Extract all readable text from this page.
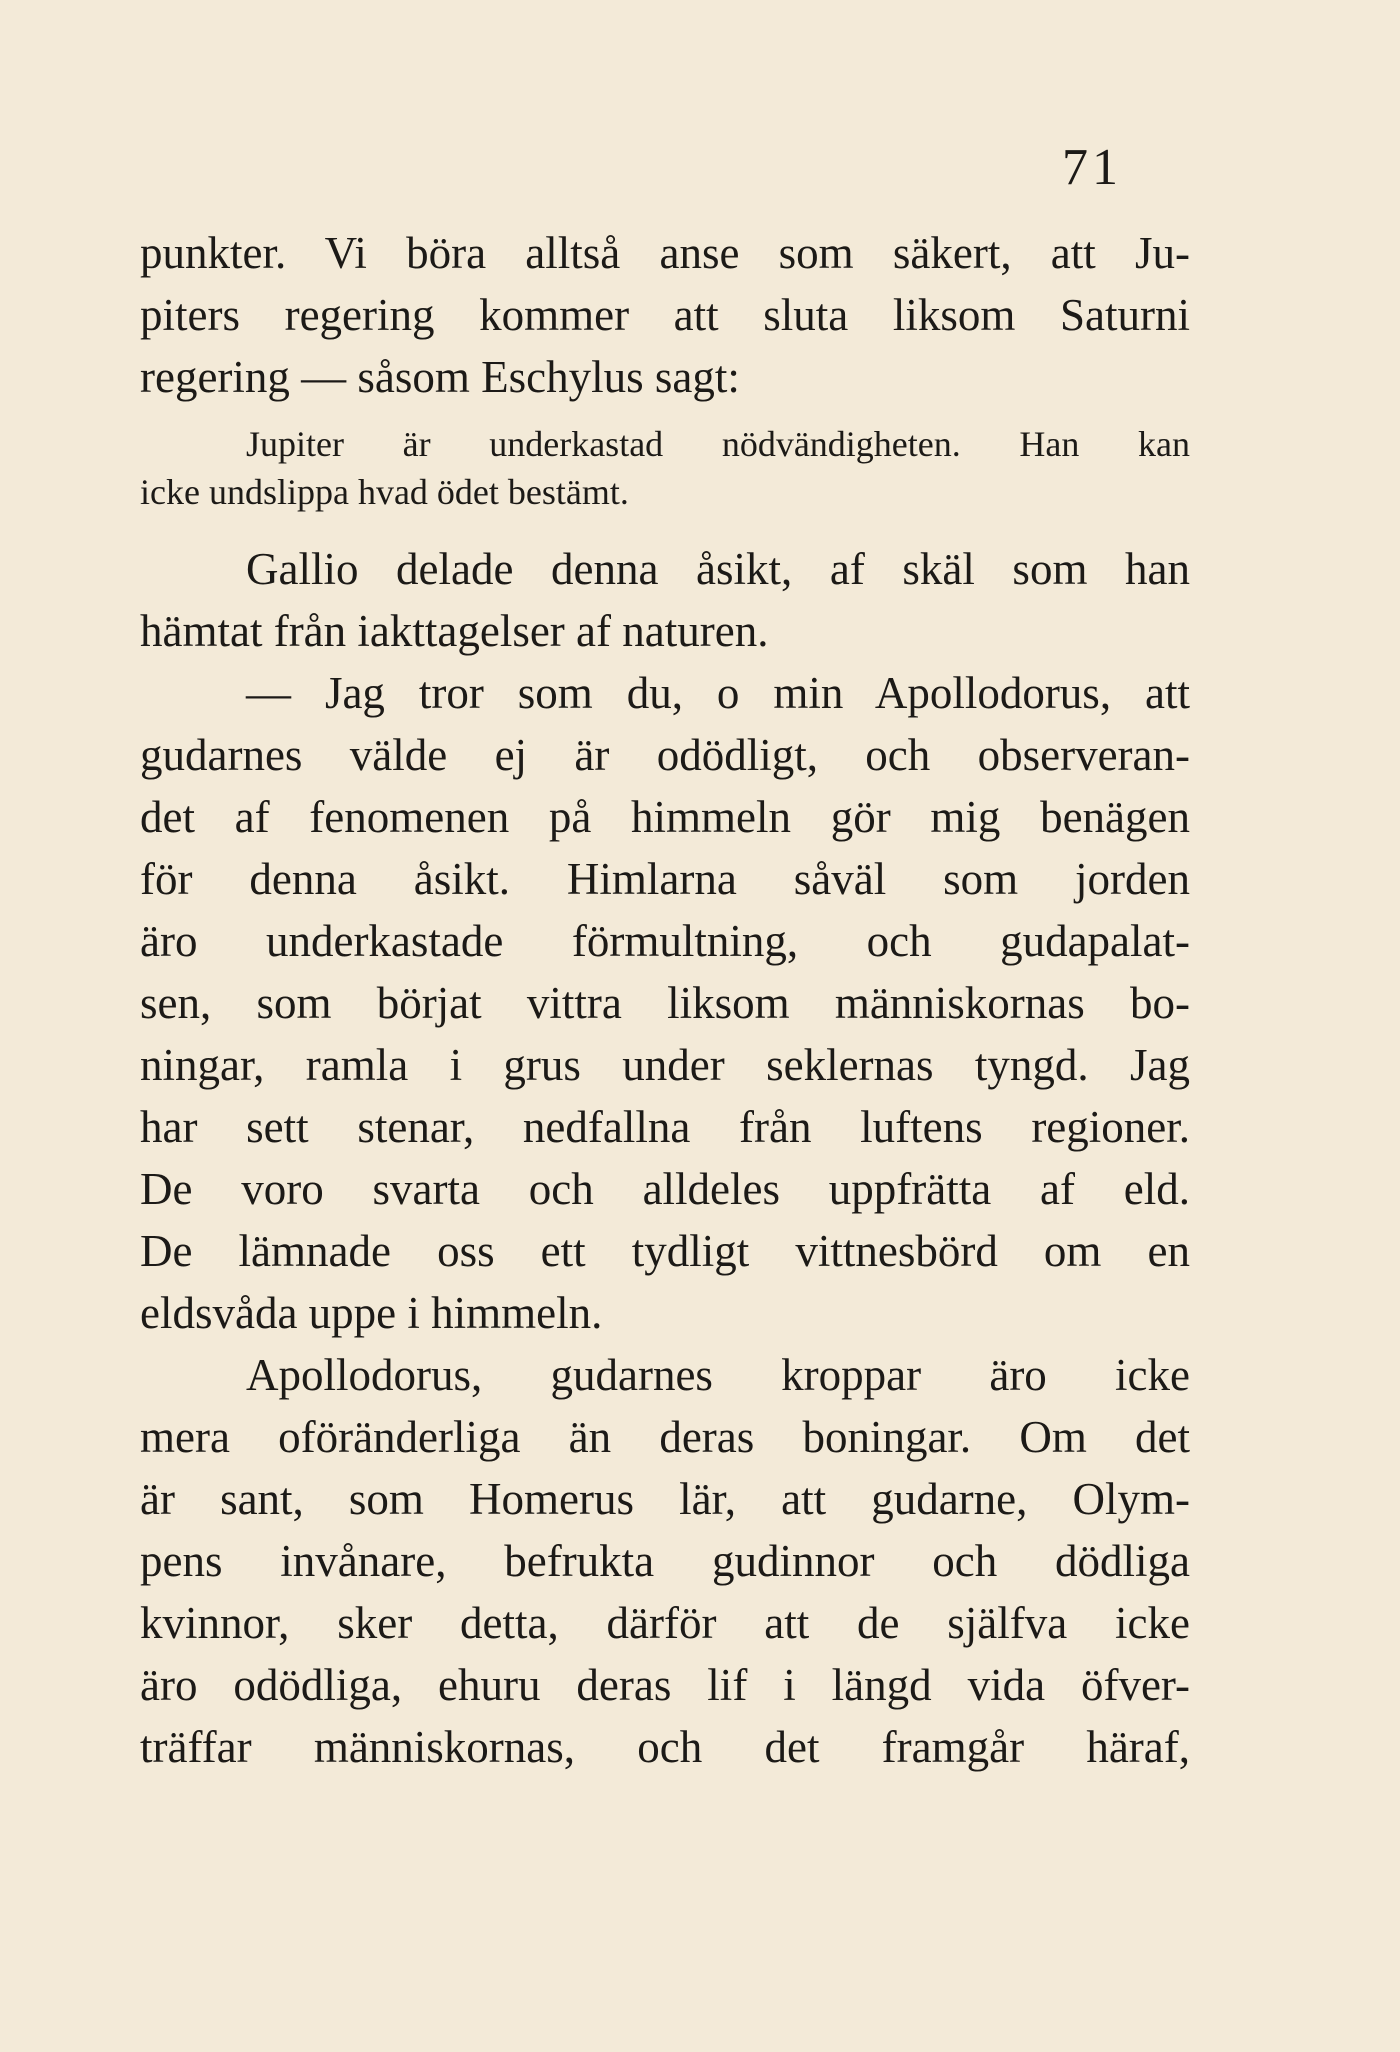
71
punkter. Vi böra alltså anse som säkert, att Ju-
piters regering kommer att sluta liksom Saturni
regering — såsom Eschylus sagt:
Jupiter är underkastad nödvändigheten. Han kan
icke undslippa hvad ödet bestämt.
Gallio delade denna åsikt, af skäl som han
hämtat från iakttagelser af naturen.
— Jag tror som du, o min Apollodorus, att
gudarnes välde ej är odödligt, och observeran-
det af fenomenen på himmeln gör mig benägen
för denna åsikt. Himlarna såväl som jorden
äro underkastade förmultning, och gudapalat-
sen, som börjat vittra liksom människornas bo-
ningar, ramla i grus under seklernas tyngd. Jag
har sett stenar, nedfallna från luftens regioner.
De voro svarta och alldeles uppfrätta af eld.
De lämnade oss ett tydligt vittnesbörd om en
eldsvåda uppe i himmeln.
Apollodorus, gudarnes kroppar äro icke
mera oföränderliga än deras boningar. Om det
är sant, som Homerus lär, att gudarne, Olym-
pens invånare, befrukta gudinnor och dödliga
kvinnor, sker detta, därför att de själfva icke
äro odödliga, ehuru deras lif i längd vida öfver-
träffar människornas, och det framgår häraf,
